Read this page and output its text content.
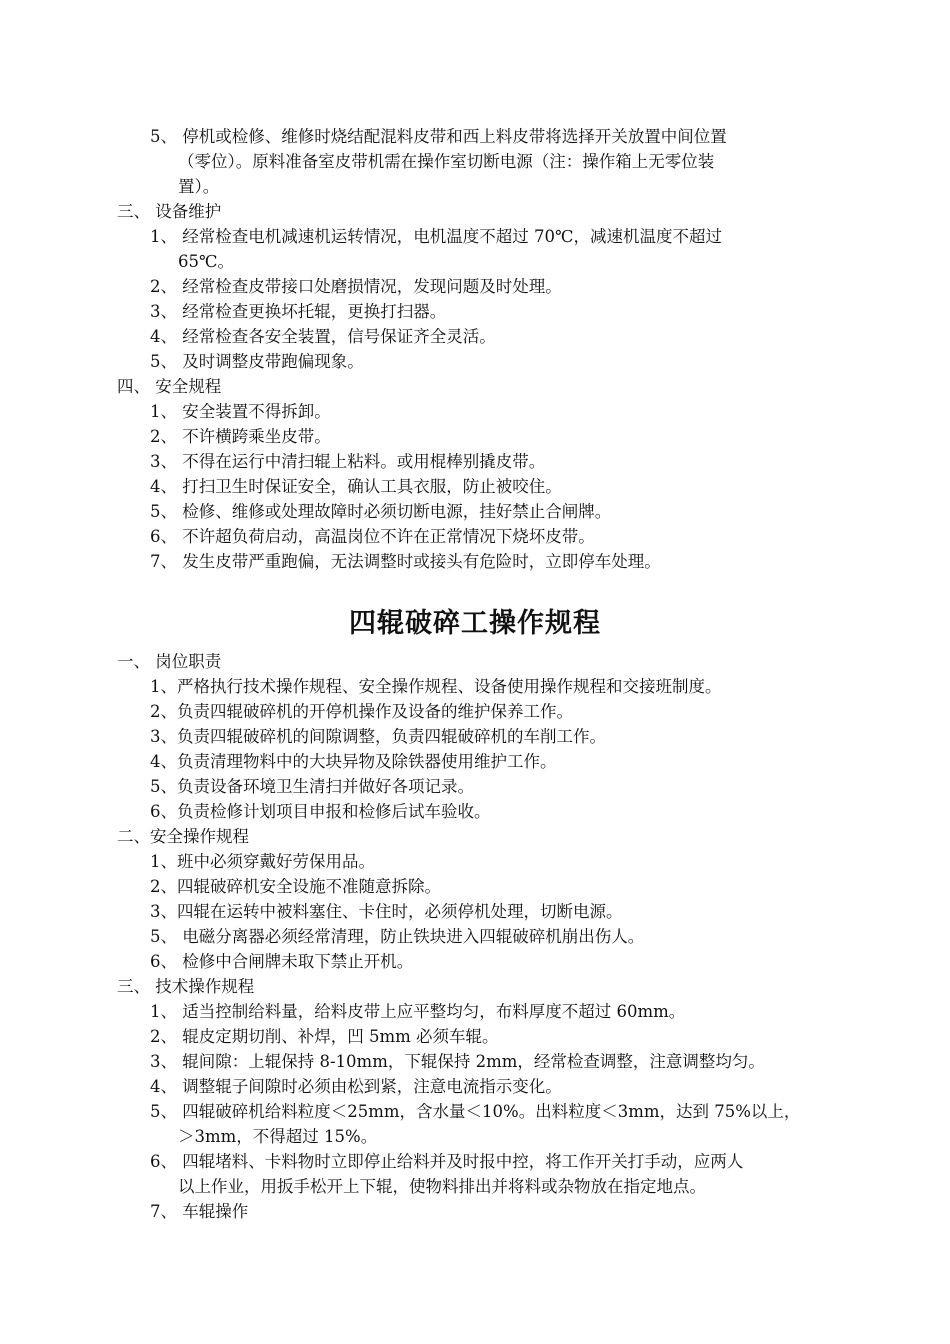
5、 停机或检修、维修时烧结配混料皮带和西上料皮带将选择开关放置中间位置
（零位）。原料准备室皮带机需在操作室切断电源（注：操作箱上无零位装
置）。
三、 设备维护
1、 经常检查电机减速机运转情况，电机温度不超过 70℃，减速机温度不超过
65℃。
2、 经常检查皮带接口处磨损情况，发现问题及时处理。
3、 经常检查更换坏托辊，更换打扫器。
4、 经常检查各安全装置，信号保证齐全灵活。
5、 及时调整皮带跑偏现象。
四、 安全规程
1、 安全装置不得拆卸。
2、 不许横跨乘坐皮带。
3、 不得在运行中清扫辊上粘料。或用棍棒别撬皮带。
4、 打扫卫生时保证安全，确认工具衣服，防止被咬住。
5、 检修、维修或处理故障时必须切断电源，挂好禁止合闸牌。
6、 不许超负荷启动，高温岗位不许在正常情况下烧坏皮带。
7、 发生皮带严重跑偏，无法调整时或接头有危险时，立即停车处理。
四辊破碎工操作规程
一、 岗位职责
1、严格执行技术操作规程、安全操作规程、设备使用操作规程和交接班制度。
2、负责四辊破碎机的开停机操作及设备的维护保养工作。
3、负责四辊破碎机的间隙调整，负责四辊破碎机的车削工作。
4、负责清理物料中的大块异物及除铁器使用维护工作。
5、负责设备环境卫生清扫并做好各项记录。
6、负责检修计划项目申报和检修后试车验收。
二、安全操作规程
1、班中必须穿戴好劳保用品。
2、四辊破碎机安全设施不准随意拆除。
3、四辊在运转中被料塞住、卡住时，必须停机处理，切断电源。
5、 电磁分离器必须经常清理，防止铁块进入四辊破碎机崩出伤人。
6、 检修中合闸牌未取下禁止开机。
三、 技术操作规程
1、 适当控制给料量，给料皮带上应平整均匀，布料厚度不超过 60mm。
2、 辊皮定期切削、补焊，凹 5mm 必须车辊。
3、 辊间隙：上辊保持 8-10mm，下辊保持 2mm，经常检查调整，注意调整均匀。
4、 调整辊子间隙时必须由松到紧，注意电流指示变化。
5、 四辊破碎机给料粒度＜25mm，含水量＜10%。出料粒度＜3mm，达到 75%以上，
＞3mm，不得超过 15%。
6、 四辊堵料、卡料物时立即停止给料并及时报中控，将工作开关打手动，应两人
以上作业，用扳手松开上下辊，使物料排出并将料或杂物放在指定地点。
7、 车辊操作
